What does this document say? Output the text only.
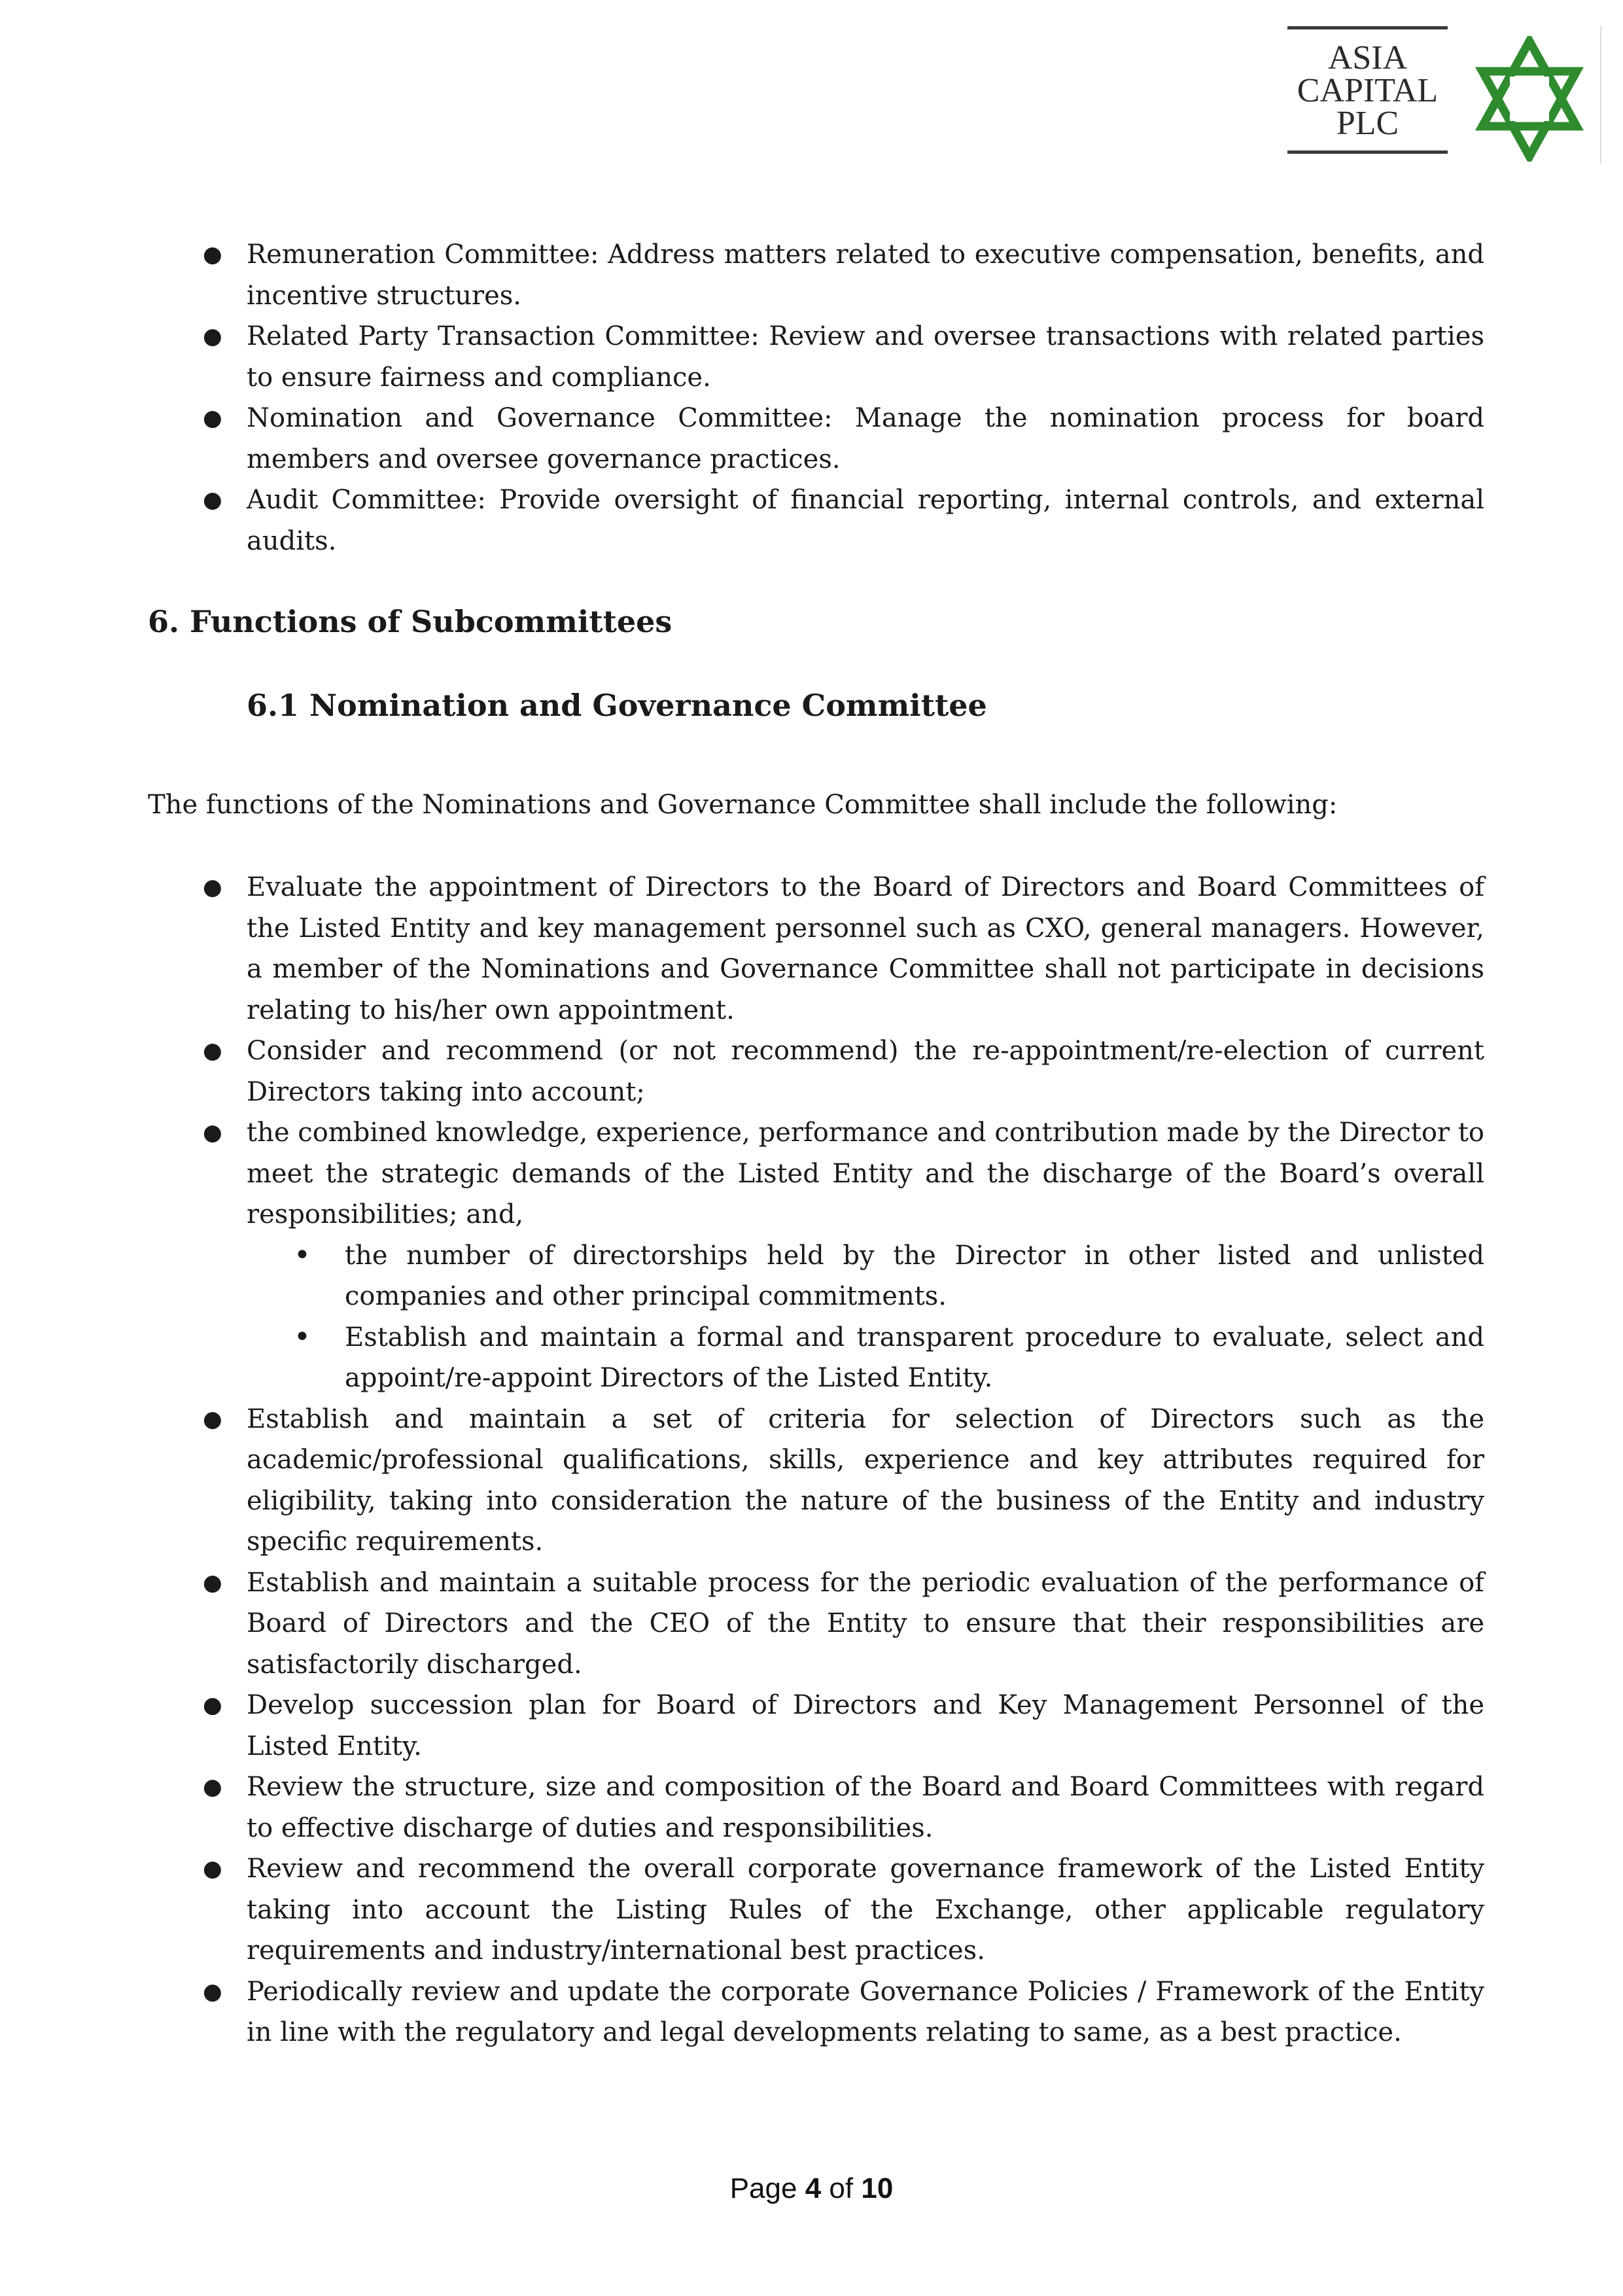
ASIA
CAPITAL
PLC
● Remuneration Committee: Address matters related to executive compensation, benefits, and incentive structures.
● Related Party Transaction Committee: Review and oversee transactions with related parties to ensure fairness and compliance.
● Nomination and Governance Committee: Manage the nomination process for board members and oversee governance practices.
● Audit Committee: Provide oversight of financial reporting, internal controls, and external audits.
6. Functions of Subcommittees
6.1 Nomination and Governance Committee
The functions of the Nominations and Governance Committee shall include the following:
● Evaluate the appointment of Directors to the Board of Directors and Board Committees of the Listed Entity and key management personnel such as CXO, general managers. However, a member of the Nominations and Governance Committee shall not participate in decisions relating to his/her own appointment.
● Consider and recommend (or not recommend) the re-appointment/re-election of current Directors taking into account;
● the combined knowledge, experience, performance and contribution made by the Director to meet the strategic demands of the Listed Entity and the discharge of the Board’s overall responsibilities; and,
• the number of directorships held by the Director in other listed and unlisted companies and other principal commitments.
• Establish and maintain a formal and transparent procedure to evaluate, select and appoint/re-appoint Directors of the Listed Entity.
● Establish and maintain a set of criteria for selection of Directors such as the academic/professional qualifications, skills, experience and key attributes required for eligibility, taking into consideration the nature of the business of the Entity and industry specific requirements.
● Establish and maintain a suitable process for the periodic evaluation of the performance of Board of Directors and the CEO of the Entity to ensure that their responsibilities are satisfactorily discharged.
● Develop succession plan for Board of Directors and Key Management Personnel of the Listed Entity.
● Review the structure, size and composition of the Board and Board Committees with regard to effective discharge of duties and responsibilities.
● Review and recommend the overall corporate governance framework of the Listed Entity taking into account the Listing Rules of the Exchange, other applicable regulatory requirements and industry/international best practices.
● Periodically review and update the corporate Governance Policies / Framework of the Entity in line with the regulatory and legal developments relating to same, as a best practice.
Page 4 of 10
